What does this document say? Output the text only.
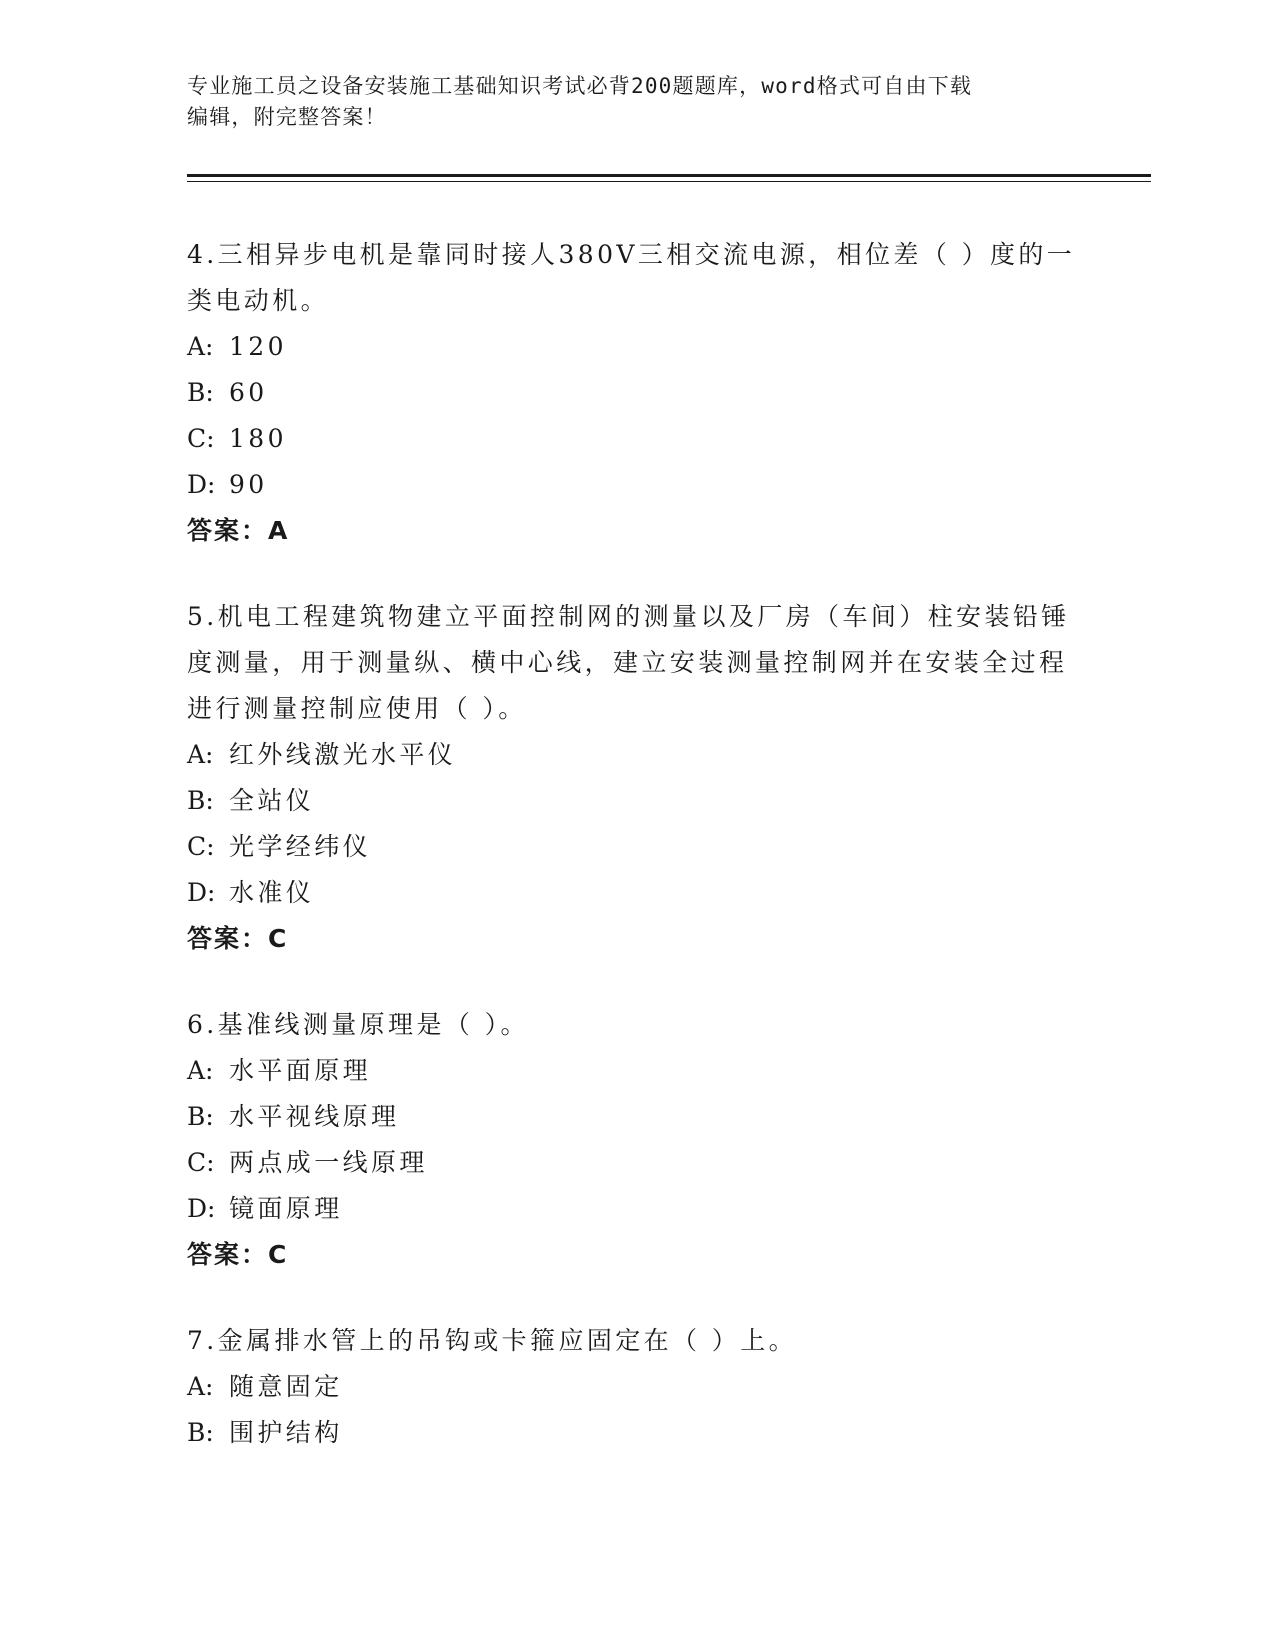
专业施工员之设备安装施工基础知识考试必背200题题库，word格式可自由下载
编辑，附完整答案！

4.三相异步电机是靠同时接人380V三相交流电源，相位差（ ）度的一类电动机。

A: 120
B: 60
C: 180
D: 90
答案：A

5.机电工程建筑物建立平面控制网的测量以及厂房（车间）柱安装铅锤度测量，用于测量纵、横中心线，建立安装测量控制网并在安装全过程进行测量控制应使用（ ）。

A: 红外线激光水平仪
B: 全站仪
C: 光学经纬仪
D: 水准仪
答案：C

6.基准线测量原理是（ ）。

A: 水平面原理
B: 水平视线原理
C: 两点成一线原理
D: 镜面原理
答案：C

7.金属排水管上的吊钩或卡箍应固定在（ ）上。

A: 随意固定
B: 围护结构
